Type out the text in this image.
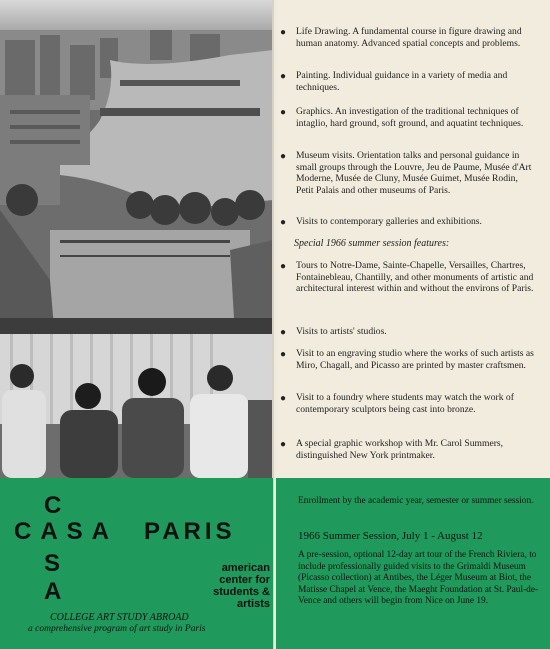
● Life Drawing. A fundamental course in figure drawing and human anatomy. Advanced spatial concepts and problems.
● Painting. Individual guidance in a variety of media and techniques.
● Graphics. An investigation of the traditional techniques of intaglio, hard ground, soft ground, and aquatint techniques.
● Museum visits. Orientation talks and personal guidance in small groups through the Louvre, Jeu de Paume, Musée d'Art Moderne, Musée de Cluny, Musée Guimet, Musée Rodin, Petit Palais and other museums of Paris.
● Visits to contemporary galleries and exhibitions.
Special 1966 summer session features:
● Tours to Notre-Dame, Sainte-Chapelle, Versailles, Chartres, Fontainebleau, Chantilly, and other monuments of artistic and architectural interest within and without the environs of Paris.
● Visits to artists' studios.
● Visit to an engraving studio where the works of such artists as Miro, Chagall, and Picasso are printed by master craftsmen.
● Visit to a foundry where students may watch the work of contemporary sculptors being cast into bronze.
● A special graphic workshop with Mr. Carol Summers, distinguished New York printmaker.
C
CASA PARIS
S
A
american
center for
students &
artists
COLLEGE ART STUDY ABROAD
a comprehensive program of art study in Paris
Enrollment by the academic year, semester or summer session.
1966 Summer Session, July 1 - August 12
A pre-session, optional 12-day art tour of the French Riviera, to include professionally guided visits to the Grimaldi Museum (Picasso collection) at Antibes, the Léger Museum at Biot, the Matisse Chapel at Vence, the Maeght Foundation at St. Paul-de-Vence and others will begin from Nice on June 19.
